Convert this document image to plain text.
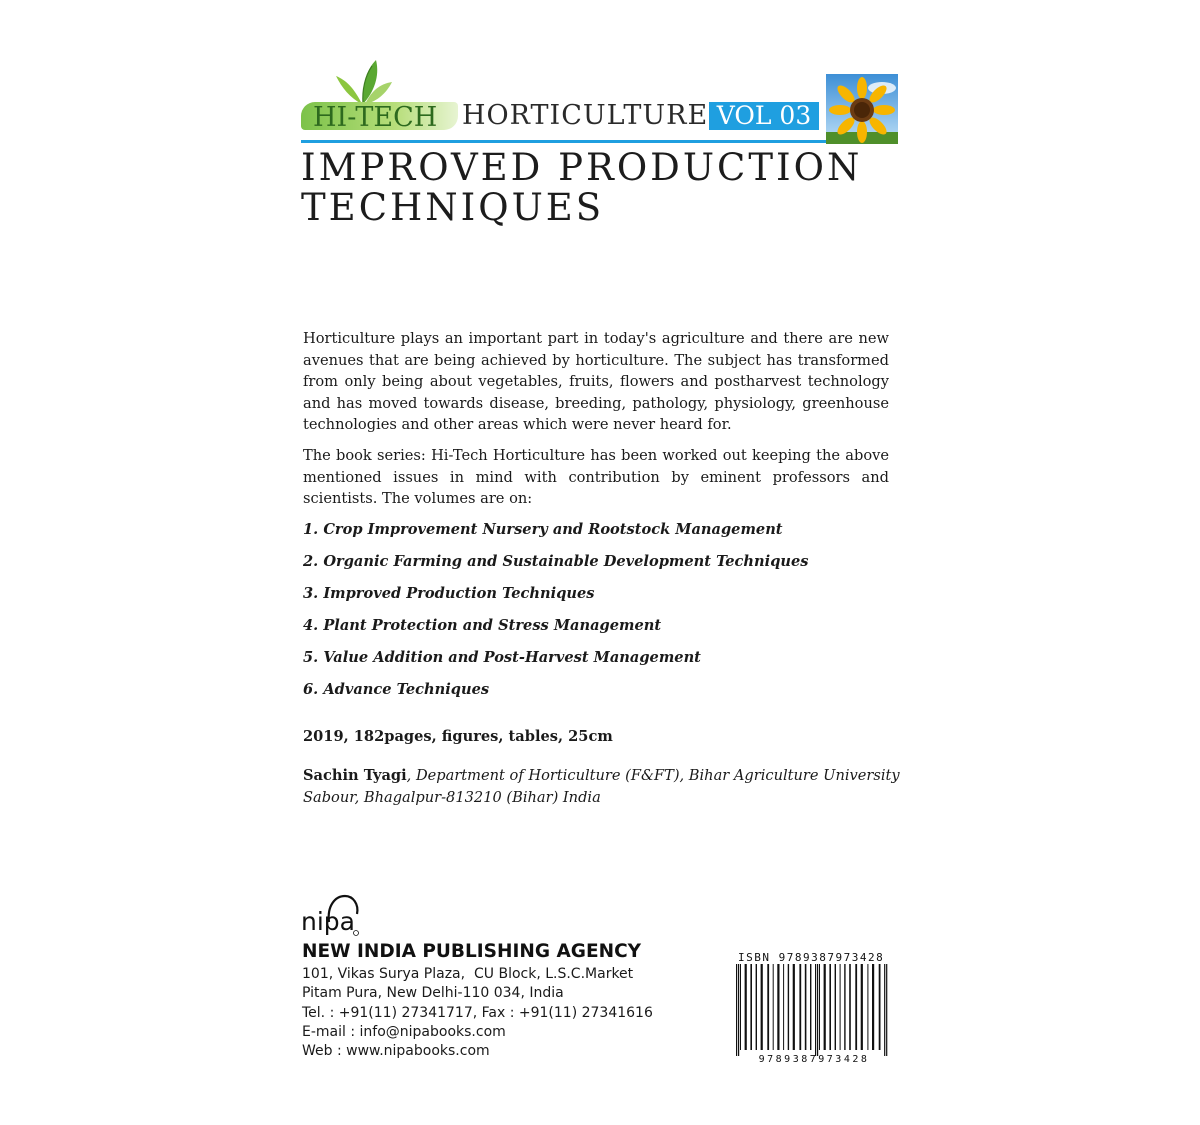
HI-TECH HORTICULTURE VOL 03
IMPROVED PRODUCTION
TECHNIQUES

Horticulture plays an important part in today's agriculture and there are new avenues that are being achieved by horticulture. The subject has transformed from only being about vegetables, fruits, flowers and postharvest technology and has moved towards disease, breeding, pathology, physiology, greenhouse technologies and other areas which were never heard for.

The book series: Hi-Tech Horticulture has been worked out keeping the above mentioned issues in mind with contribution by eminent professors and scientists. The volumes are on:

1. Crop Improvement Nursery and Rootstock Management
2. Organic Farming and Sustainable Development Techniques
3. Improved Production Techniques
4. Plant Protection and Stress Management
5. Value Addition and Post-Harvest Management
6. Advance Techniques

2019, 182pages, figures, tables, 25cm

Sachin Tyagi, Department of Horticulture (F&FT), Bihar Agriculture University
Sabour, Bhagalpur-813210 (Bihar) India
nipa

NEW INDIA PUBLISHING AGENCY

101, Vikas Surya Plaza,  CU Block, L.S.C.Market
Pitam Pura, New Delhi-110 034, India
Tel. : +91(11) 27341717, Fax : +91(11) 27341616
E-mail : info@nipabooks.com
Web : www.nipabooks.com
ISBN 9789387973428
9789387973428
